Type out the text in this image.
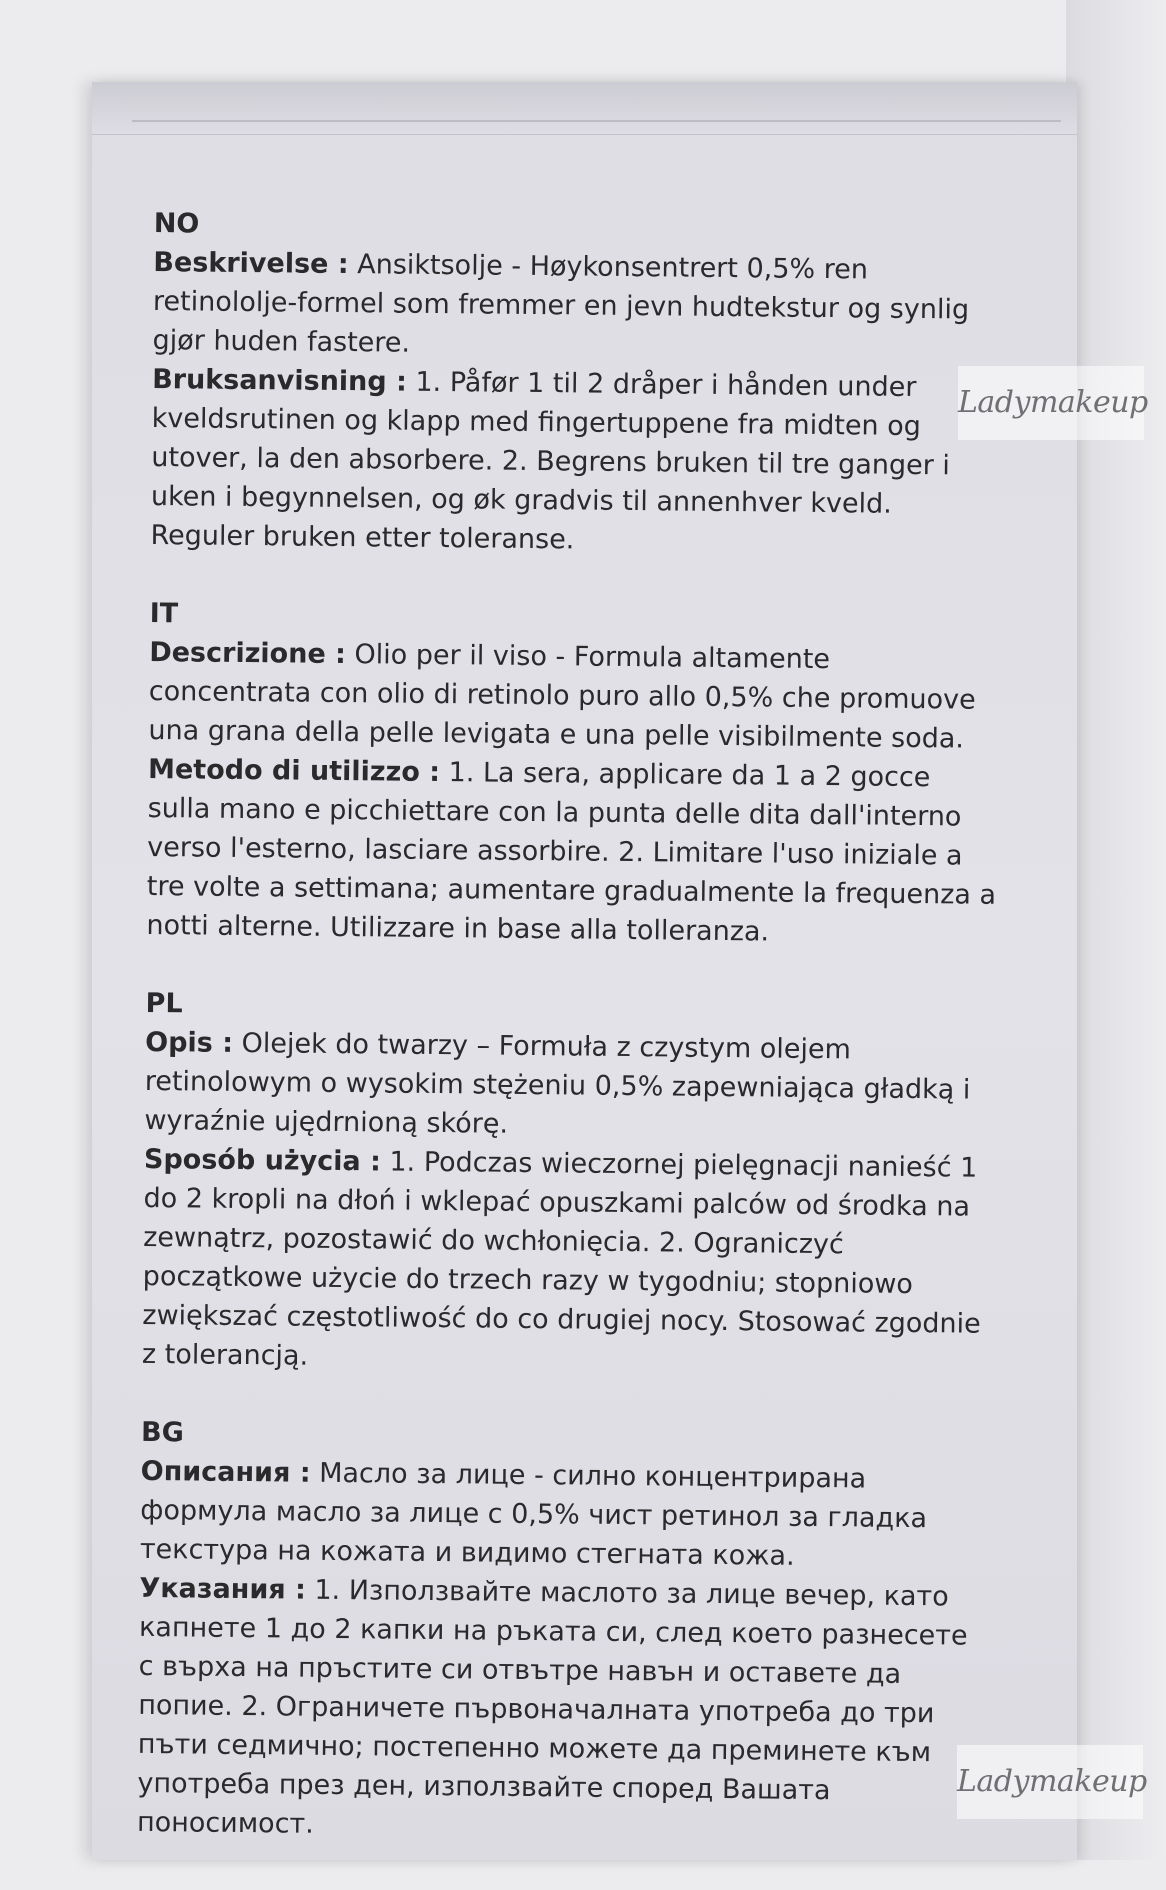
NO

Beskrivelse : Ansiktsolje - Høykonsentrert 0,5% ren retinololje-formel som fremmer en jevn hudtekstur og synlig gjør huden fastere.

Bruksanvisning : 1. Påfør 1 til 2 dråper i hånden under kveldsrutinen og klapp med fingertuppene fra midten og utover, la den absorbere. 2. Begrens bruken til tre ganger i uken i begynnelsen, og øk gradvis til annenhver kveld. Reguler bruken etter toleranse.

IT

Descrizione : Olio per il viso - Formula altamente concentrata con olio di retinolo puro allo 0,5% che promuove una grana della pelle levigata e una pelle visibilmente soda.

Metodo di utilizzo : 1. La sera, applicare da 1 a 2 gocce sulla mano e picchiettare con la punta delle dita dall'interno verso l'esterno, lasciare assorbire. 2. Limitare l'uso iniziale a tre volte a settimana; aumentare gradualmente la frequenza a notti alterne. Utilizzare in base alla tolleranza.

PL

Opis : Olejek do twarzy – Formuła z czystym olejem retinolowym o wysokim stężeniu 0,5% zapewniająca gładką i wyraźnie ujędrnioną skórę.

Sposób użycia : 1. Podczas wieczornej pielęgnacji nanieść 1 do 2 kropli na dłoń i wklepać opuszkami palców od środka na zewnątrz, pozostawić do wchłonięcia. 2. Ograniczyć początkowe użycie do trzech razy w tygodniu; stopniowo zwiększać częstotliwość do co drugiej nocy. Stosować zgodnie z tolerancją.

BG

Описания : Масло за лице - силно концентрирана формула масло за лице с 0,5% чист ретинол за гладка текстура на кожата и видимо стегната кожа.

Указания : 1. Използвайте маслото за лице вечер, като капнете 1 до 2 капки на ръката си, след което разнесете с върха на пръстите си отвътре навън и оставете да попие. 2. Ограничете първоначалната употреба до три пъти седмично; постепенно можете да преминете към употреба през ден, използвайте според Вашата поносимост.

Ladymakeup
Ladymakeup
